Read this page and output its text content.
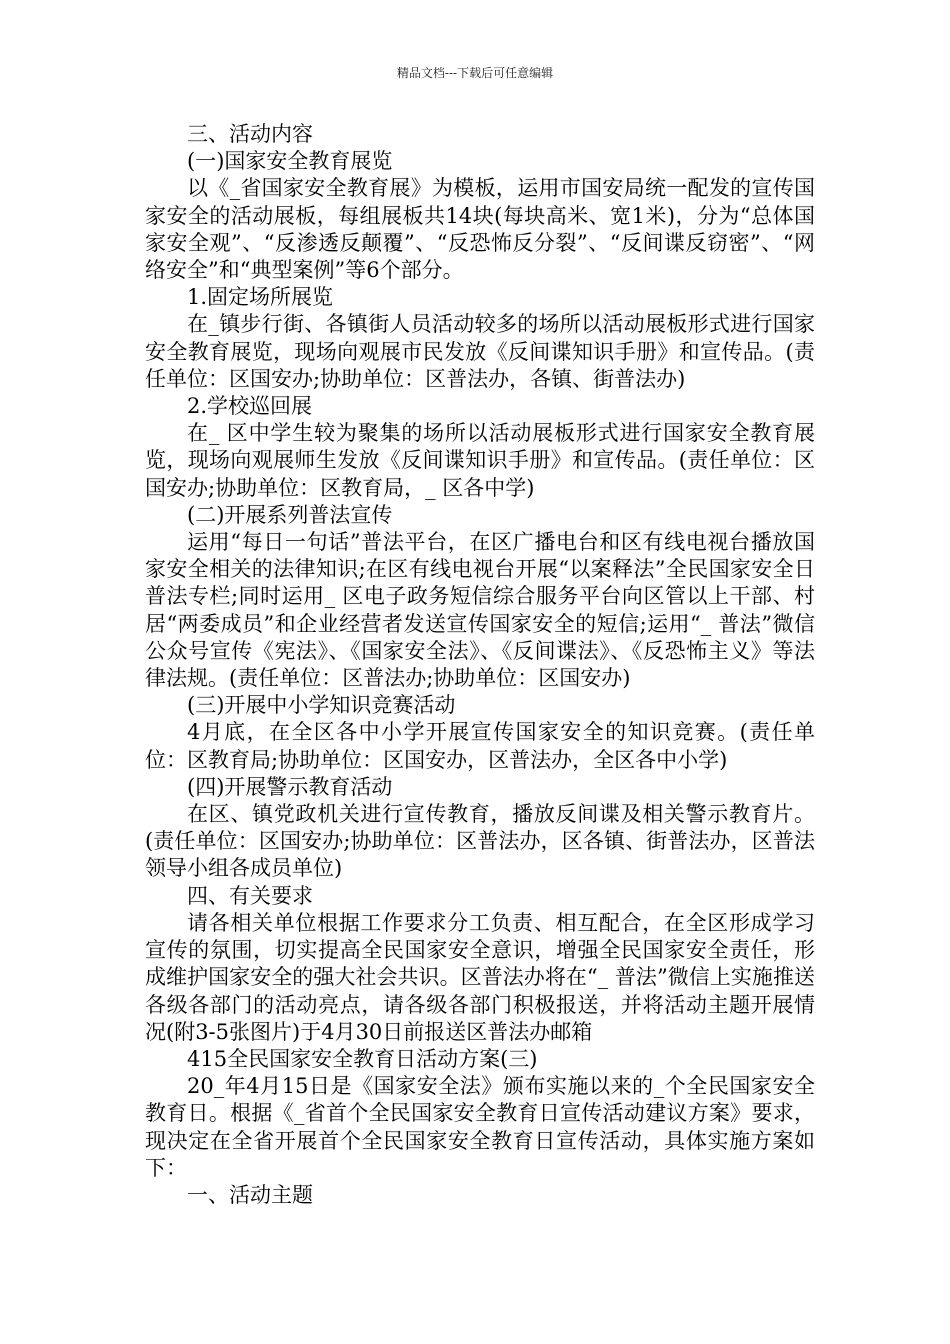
精品文档---下载后可任意编辑

三、活动内容

(一)国家安全教育展览

以《_省国家安全教育展》为模板，运用市国安局统一配发的宣传国家安全的活动展板，每组展板共14块(每块高米、宽1米)，分为“总体国家安全观”、“反渗透反颠覆”、“反恐怖反分裂”、“反间谍反窃密”、“网络安全”和“典型案例”等6个部分。

1.固定场所展览

在_镇步行街、各镇街人员活动较多的场所以活动展板形式进行国家安全教育展览，现场向观展市民发放《反间谍知识手册》和宣传品。(责任单位：区国安办;协助单位：区普法办，各镇、街普法办)

2.学校巡回展

在_ 区中学生较为聚集的场所以活动展板形式进行国家安全教育展览，现场向观展师生发放《反间谍知识手册》和宣传品。(责任单位：区国安办;协助单位：区教育局，_ 区各中学)

(二)开展系列普法宣传

运用“每日一句话”普法平台，在区广播电台和区有线电视台播放国家安全相关的法律知识;在区有线电视台开展“以案释法”全民国家安全日普法专栏;同时运用_ 区电子政务短信综合服务平台向区管以上干部、村居“两委成员”和企业经营者发送宣传国家安全的短信;运用“_ 普法”微信公众号宣传《宪法》、《国家安全法》、《反间谍法》、《反恐怖主义》等法律法规。(责任单位：区普法办;协助单位：区国安办)

(三)开展中小学知识竞赛活动

4月底，在全区各中小学开展宣传国家安全的知识竞赛。(责任单位：区教育局;协助单位：区国安办，区普法办，全区各中小学)

(四)开展警示教育活动

在区、镇党政机关进行宣传教育，播放反间谍及相关警示教育片。(责任单位：区国安办;协助单位：区普法办，区各镇、街普法办，区普法领导小组各成员单位)

四、有关要求

请各相关单位根据工作要求分工负责、相互配合，在全区形成学习宣传的氛围，切实提高全民国家安全意识，增强全民国家安全责任，形成维护国家安全的强大社会共识。区普法办将在“_ 普法”微信上实施推送各级各部门的活动亮点，请各级各部门积极报送，并将活动主题开展情况(附3-5张图片)于4月30日前报送区普法办邮箱

415全民国家安全教育日活动方案(三)

20_年4月15日是《国家安全法》颁布实施以来的_个全民国家安全教育日。根据《_省首个全民国家安全教育日宣传活动建议方案》要求，现决定在全省开展首个全民国家安全教育日宣传活动，具体实施方案如下：

一、活动主题
